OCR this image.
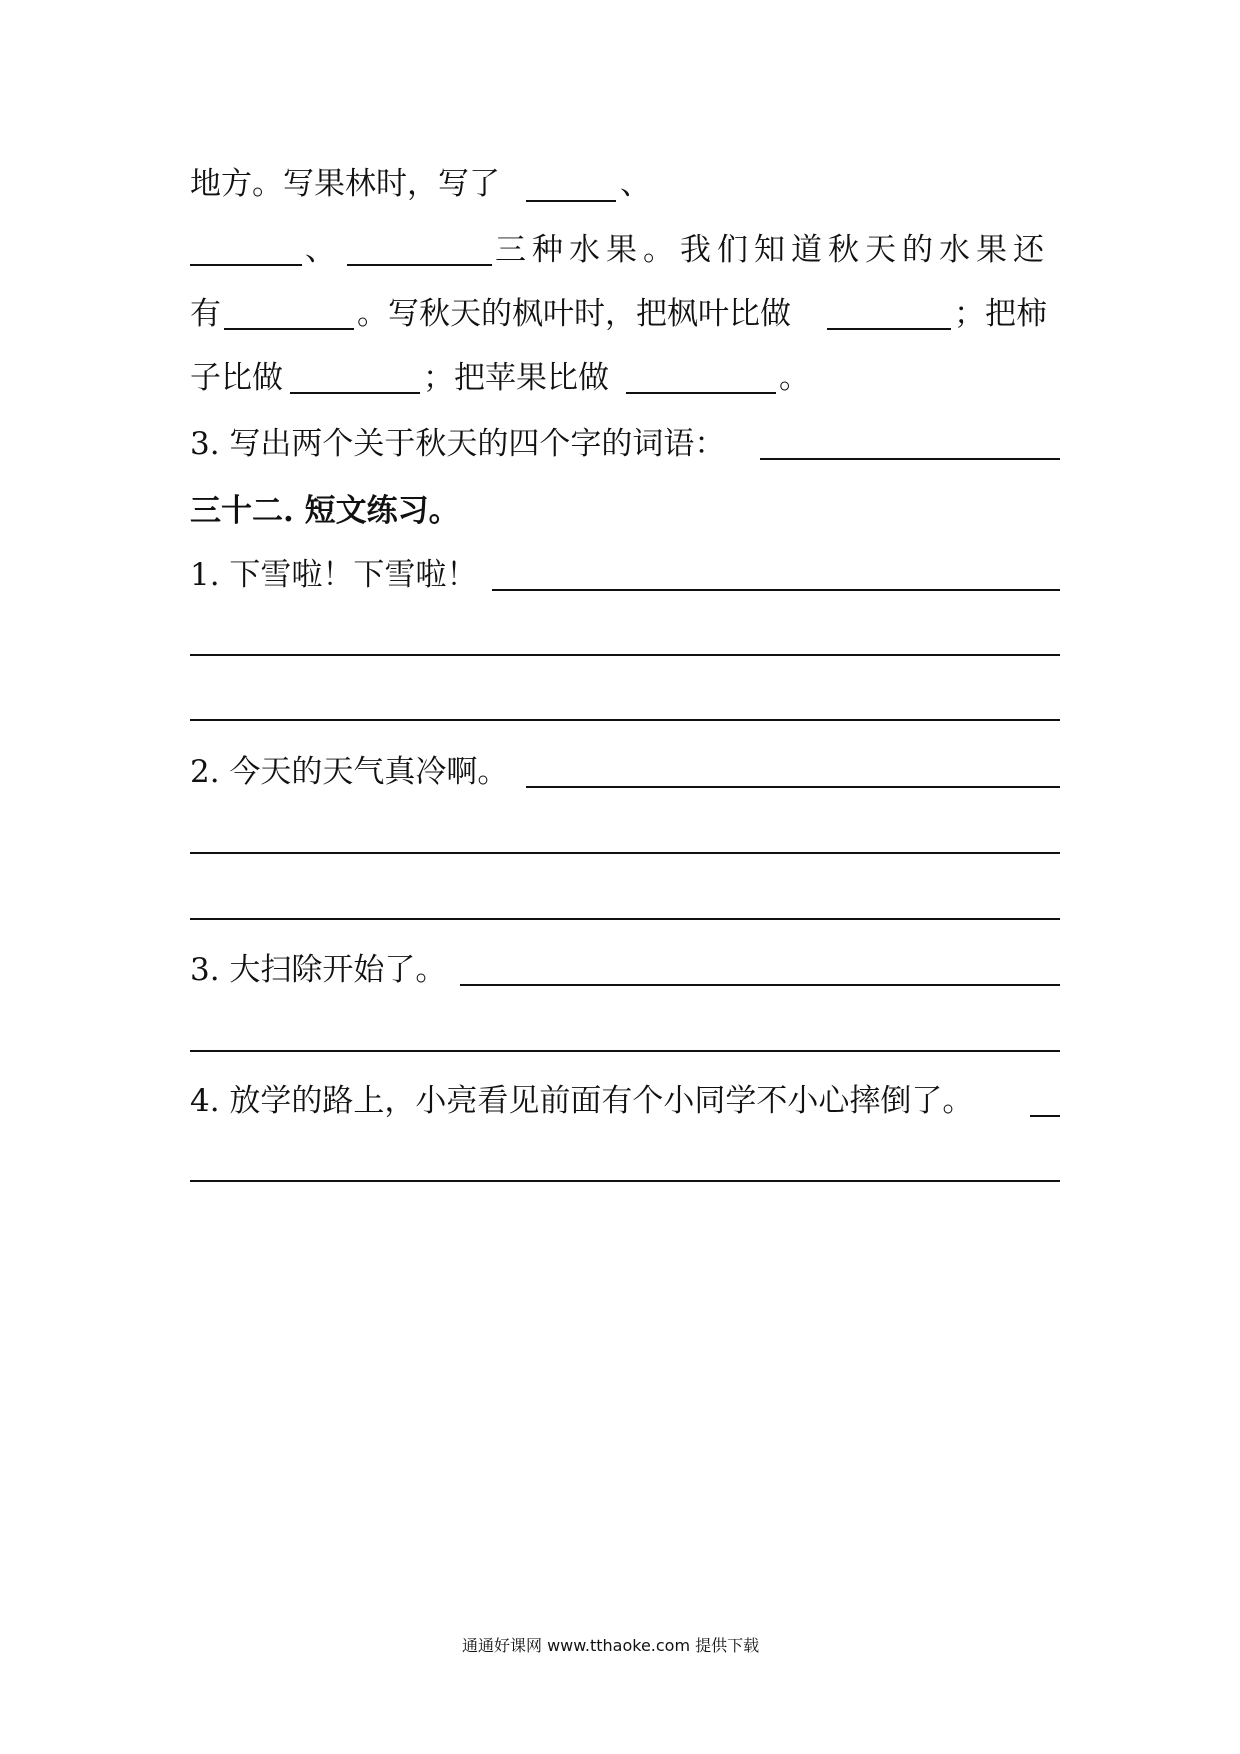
地方。写果林时，写了	、
、	三种水果。我们知道秋天的水果还
有	。写秋天的枫叶时，把枫叶比做	；把柿
子比做	；把苹果比做	。
3. 写出两个关于秋天的四个字的词语：
三十二. 短文练习。
1. 下雪啦！下雪啦！
2. 今天的天气真冷啊。
3. 大扫除开始了。
4. 放学的路上，小亮看见前面有个小同学不小心摔倒了。
通通好课网 www.tthaoke.com 提供下载
